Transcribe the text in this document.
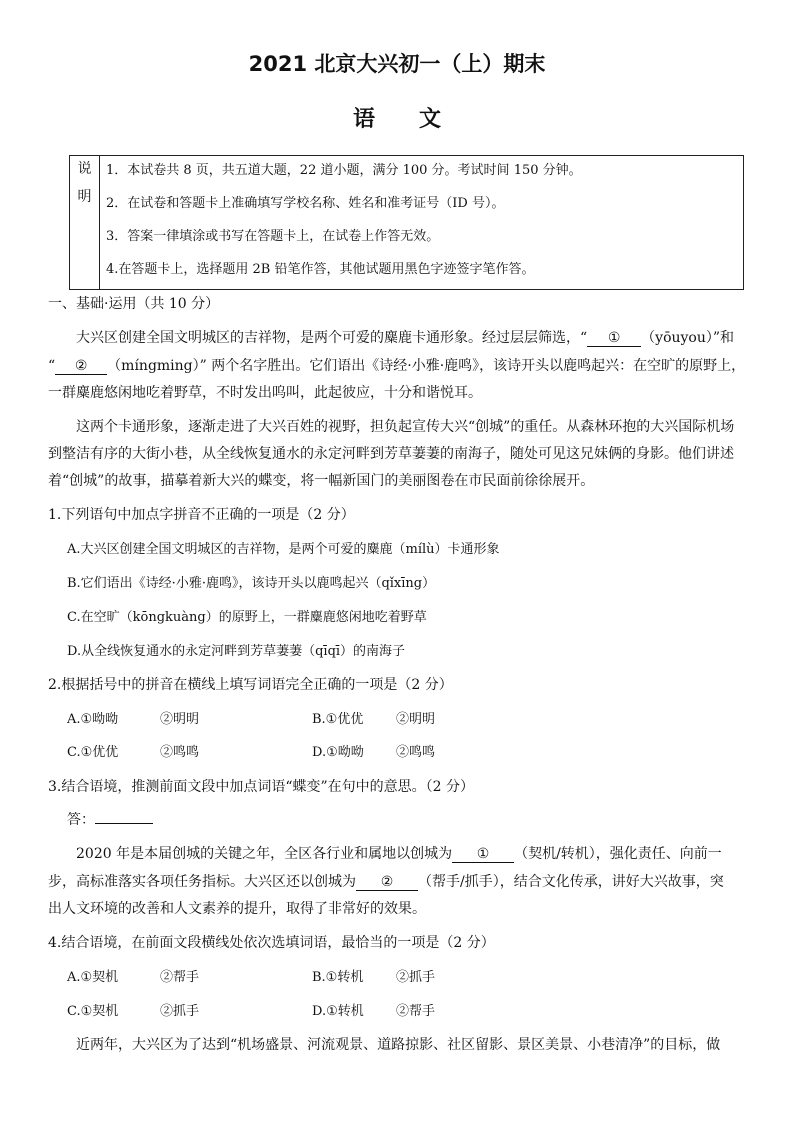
2021 北京大兴初一（上）期末
语文
说
明
1．本试卷共 8 页，共五道大题，22 道小题，满分 100 分。考试时间 150 分钟。
2．在试卷和答题卡上准确填写学校名称、姓名和准考证号（ID 号）。
3．答案一律填涂或书写在答题卡上，在试卷上作答无效。
4.在答题卡上，选择题用 2B 铅笔作答，其他试题用黑色字迹签字笔作答。
一、基础·运用（共 10 分）
　　大兴区创建全国文明城区的吉祥物，是两个可爱的麋鹿卡通形象。经过层层筛选，“ ① （yōuyou）”和
“ ② （míngming）” 两个名字胜出。它们语出《诗经·小雅·鹿鸣》，该诗开头以鹿鸣起兴：在空旷的原野上，
一群麋鹿悠闲地吃着野草，不时发出呜叫，此起彼应，十分和谐悦耳。
　　这两个卡通形象，逐渐走进了大兴百姓的视野，担负起宣传大兴“创城”的重任。从森林环抱的大兴国际机场
到整洁有序的大街小巷，从全线恢复通水的永定河畔到芳草萋萋的南海子，随处可见这兄妹俩的身影。他们讲述
着“创城”的故事，描摹着新大兴的蝶变，将一幅新国门的美丽图卷在市民面前徐徐展开。
1.下列语句中加点字拼音不正确的一项是（2 分）
A.大兴区创建全国文明城区的吉祥物，是两个可爱的麋鹿（mílù）卡通形象
B.它们语出《诗经·小雅·鹿鸣》，该诗开头以鹿鸣起兴（qǐxīng）
C.在空旷（kōngkuàng）的原野上，一群麋鹿悠闲地吃着野草
D.从全线恢复通水的永定河畔到芳草萋萋（qīqī）的南海子
2.根据括号中的拼音在横线上填写词语完全正确的一项是（2 分）
A.①呦呦	②明明	B.①优优	②明明
C.①优优	②鸣鸣	D.①呦呦 ②鸣鸣
3.结合语境，推测前面文段中加点词语“蝶变”在句中的意思。（2 分）
答：
　　2020 年是本届创城的关键之年，全区各行业和属地以创城为 ① （契机/转机），强化责任、向前一
步，高标准落实各项任务指标。大兴区还以创城为 ② （帮手/抓手），结合文化传承，讲好大兴故事，突
出人文环境的改善和人文素养的提升，取得了非常好的效果。
4.结合语境，在前面文段横线处依次选填词语，最恰当的一项是（2 分）
A.①契机	②帮手	B.①转机	②抓手
C.①契机	②抓手	D.①转机 ②帮手
　　近两年，大兴区为了达到“机场盛景、河流观景、道路掠影、社区留影、景区美景、小巷清净”的目标，做
